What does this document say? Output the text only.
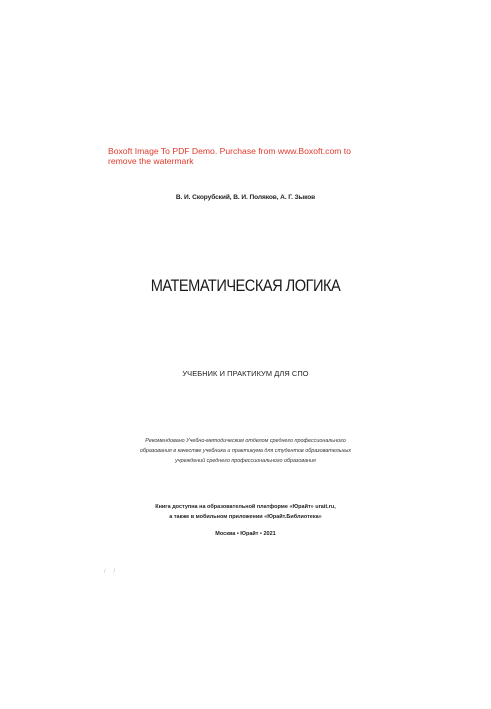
Boxoft Image To PDF Demo. Purchase from www.Boxoft.com to
remove the watermark
В. И. Скорубский, В. И. Поляков, А. Г. Зыков
МАТЕМАТИЧЕСКАЯ ЛОГИКА
УЧЕБНИК И ПРАКТИКУМ ДЛЯ СПО
Рекомендовано Учебно-методическим отделом среднего профессионального
образования в качестве учебника и практикума для студентов образовательных
учреждений среднего профессионального образования
Книга доступна на образовательной платформе «Юрайт» urait.ru,
а также в мобильном приложении «Юрайт.Библиотека»
Москва • Юрайт • 2021
/ /
